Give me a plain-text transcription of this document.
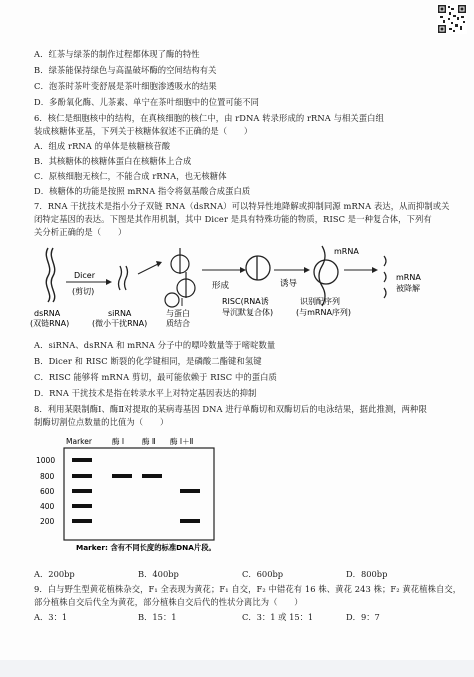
A．红茶与绿茶的制作过程都体现了酶的特性
B．绿茶能保持绿色与高温破坏酶的空间结构有关
C．泡茶时茶叶变舒展是茶叶细胞渗透吸水的结果
D．多酚氧化酶、儿茶素、单宁在茶叶细胞中的位置可能不同
6．核仁是细胞核中的结构，在真核细胞的核仁中，由 rDNA 转录形成的 rRNA 与相关蛋白组
装成核糖体亚基，下列关于核糖体叙述不正确的是（　　）
A．组成 rRNA 的单体是核糖核苷酸
B．其核糖体的核糖体蛋白在核糖体上合成
C．原核细胞无核仁，不能合成 rRNA，也无核糖体
D．核糖体的功能是按照 mRNA 指令将氨基酸合成蛋白质
7．RNA 干扰技术是指小分子双链 RNA（dsRNA）可以特异性地降解或抑制同源 mRNA 表达，从而抑制或关
闭特定基因的表达。下图是其作用机制，其中 Dicer 是具有特殊功能的物质，RISC 是一种复合体，下列有
关分析正确的是（　　）
Dicer
(剪切)
dsRNA
(双链RNA)
siRNA
(微小干扰RNA)
与蛋白
质结合
形成
RISC(RNA诱
导沉默复合体)
诱导
mRNA
识别配序列
(与mRNA序列)
mRNA
被降解
A．siRNA、dsRNA 和 mRNA 分子中的嘌呤数量等于嘧啶数量
B．Dicer 和 RISC 断裂的化学键相同，是磷酸二酯键和氢键
C．RISC 能够将 mRNA 剪切，最可能依赖于 RISC 中的蛋白质
D．RNA 干扰技术是指在转录水平上对特定基因表达的抑制
8．利用某限制酶Ⅰ、酶Ⅱ对提取的某病毒基因 DNA 进行单酶切和双酶切后的电泳结果，据此推测，两种限
制酶切割位点数量的比值为（　　）
Marker	酶 Ⅰ 酶 Ⅱ 酶 Ⅰ＋Ⅱ
1000
800
600
400
200
Marker: 含有不同长度的标准DNA片段。
A．200bp	B．400bp	C．600bp	D．800bp
9．白与野生型黄花植株杂交，F₁ 全表现为黄花；F₁ 自交，F₂ 中错花有 16 株、黄花 243 株；F₂ 黄花植株自交，
部分植株自交后代全为黄花，部分植株自交后代的性状分离比为（　　）
A．3：1	B．15：1	C．3：1 或 15：1	D．9：7
